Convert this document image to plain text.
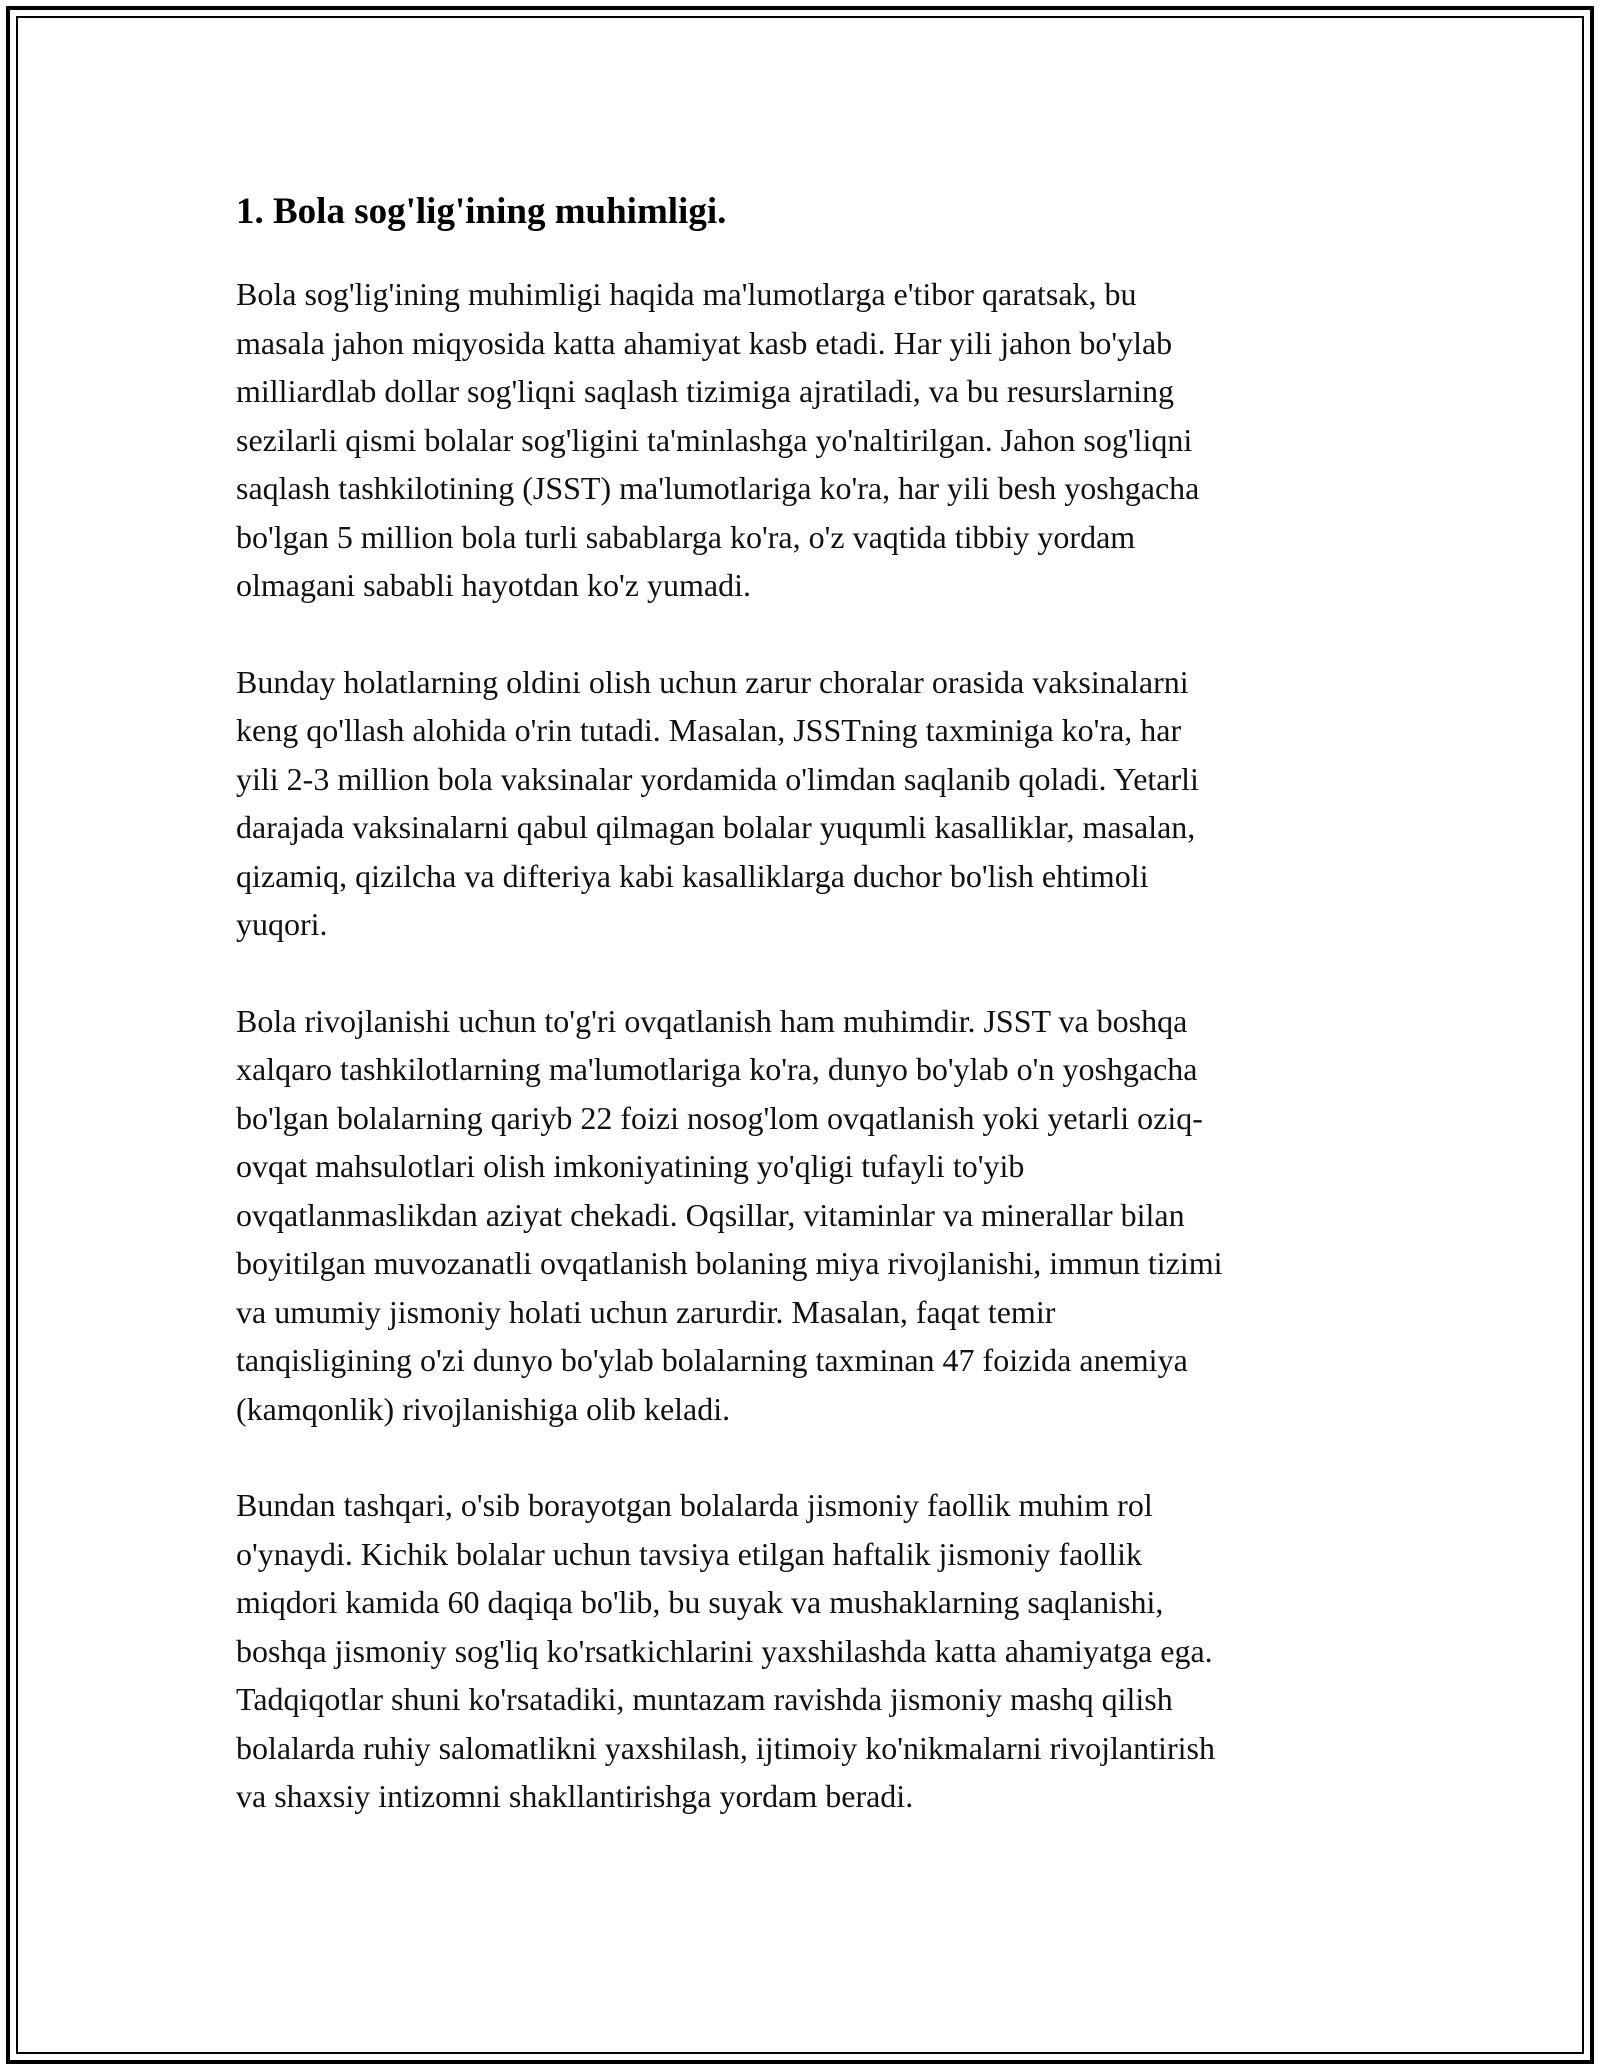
1. Bola sog'lig'ining muhimligi.
Bola sog'lig'ining muhimligi haqida ma'lumotlarga e'tibor qaratsak, bu
masala jahon miqyosida katta ahamiyat kasb etadi. Har yili jahon bo'ylab
milliardlab dollar sog'liqni saqlash tizimiga ajratiladi, va bu resurslarning
sezilarli qismi bolalar sog'ligini ta'minlashga yo'naltirilgan. Jahon sog'liqni
saqlash tashkilotining (JSST) ma'lumotlariga ko'ra, har yili besh yoshgacha
bo'lgan 5 million bola turli sabablarga ko'ra, o'z vaqtida tibbiy yordam
olmagani sababli hayotdan ko'z yumadi.
Bunday holatlarning oldini olish uchun zarur choralar orasida vaksinalarni
keng qo'llash alohida o'rin tutadi. Masalan, JSSTning taxminiga ko'ra, har
yili 2-3 million bola vaksinalar yordamida o'limdan saqlanib qoladi. Yetarli
darajada vaksinalarni qabul qilmagan bolalar yuqumli kasalliklar, masalan,
qizamiq, qizilcha va difteriya kabi kasalliklarga duchor bo'lish ehtimoli
yuqori.
Bola rivojlanishi uchun to'g'ri ovqatlanish ham muhimdir. JSST va boshqa
xalqaro tashkilotlarning ma'lumotlariga ko'ra, dunyo bo'ylab o'n yoshgacha
bo'lgan bolalarning qariyb 22 foizi nosog'lom ovqatlanish yoki yetarli oziq-
ovqat mahsulotlari olish imkoniyatining yo'qligi tufayli to'yib
ovqatlanmaslikdan aziyat chekadi. Oqsillar, vitaminlar va minerallar bilan
boyitilgan muvozanatli ovqatlanish bolaning miya rivojlanishi, immun tizimi
va umumiy jismoniy holati uchun zarurdir. Masalan, faqat temir
tanqisligining o'zi dunyo bo'ylab bolalarning taxminan 47 foizida anemiya
(kamqonlik) rivojlanishiga olib keladi.
Bundan tashqari, o'sib borayotgan bolalarda jismoniy faollik muhim rol
o'ynaydi. Kichik bolalar uchun tavsiya etilgan haftalik jismoniy faollik
miqdori kamida 60 daqiqa bo'lib, bu suyak va mushaklarning saqlanishi,
boshqa jismoniy sog'liq ko'rsatkichlarini yaxshilashda katta ahamiyatga ega.
Tadqiqotlar shuni ko'rsatadiki, muntazam ravishda jismoniy mashq qilish
bolalarda ruhiy salomatlikni yaxshilash, ijtimoiy ko'nikmalarni rivojlantirish
va shaxsiy intizomni shakllantirishga yordam beradi.
